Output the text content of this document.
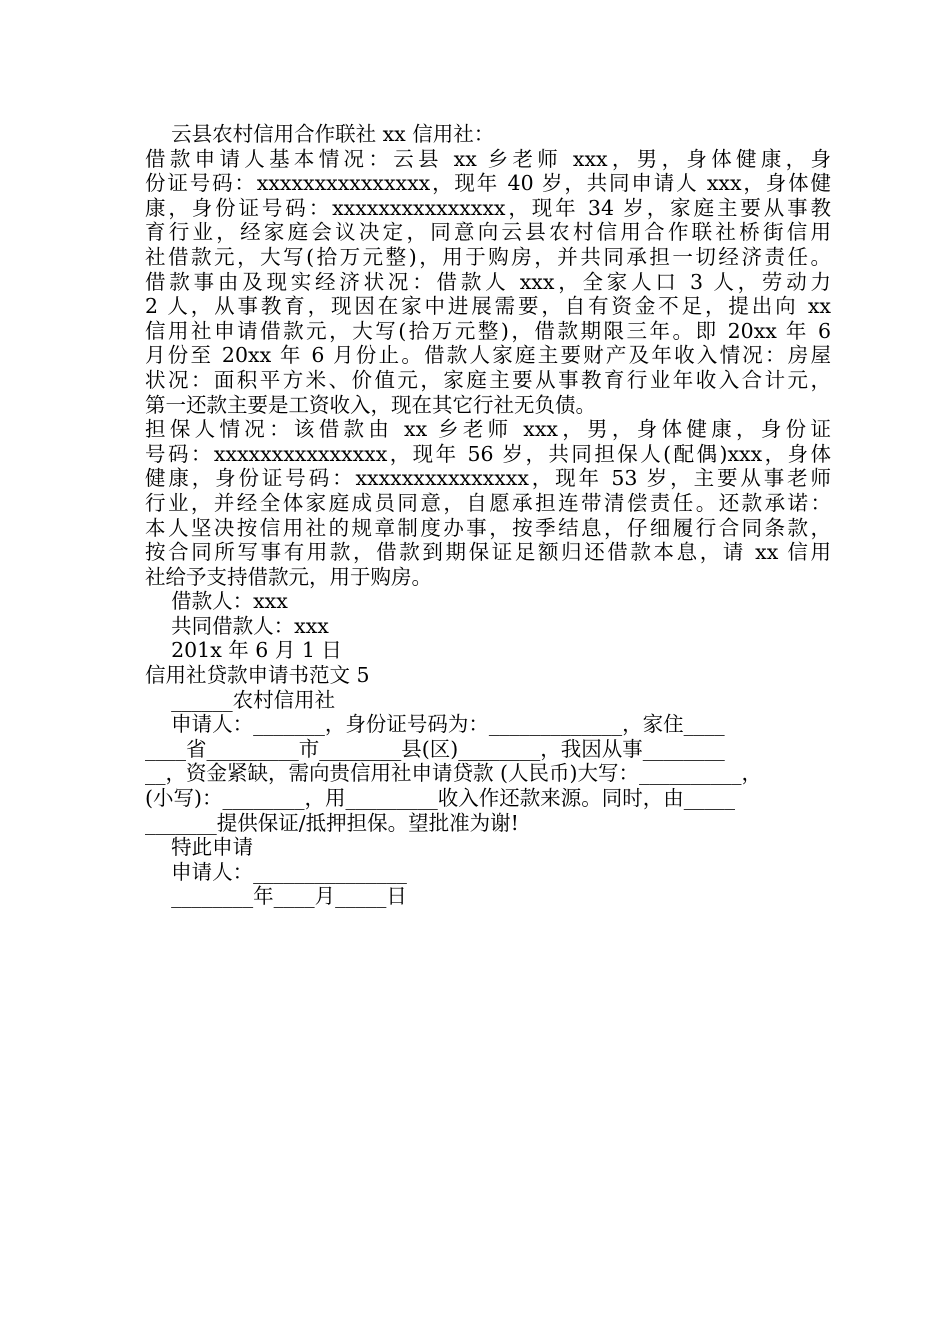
云县农村信用合作联社 xx 信用社：
借款申请人基本情况：云县 xx 乡老师 xxx，男，身体健康，身
份证号码：xxxxxxxxxxxxxxx，现年 40 岁，共同申请人 xxx，身体健
康，身份证号码：xxxxxxxxxxxxxxx，现年 34 岁，家庭主要从事教
育行业，经家庭会议决定，同意向云县农村信用合作联社桥街信用
社借款元，大写(拾万元整)，用于购房，并共同承担一切经济责任。
借款事由及现实经济状况：借款人 xxx，全家人口 3 人，劳动力
2 人，从事教育，现因在家中进展需要，自有资金不足，提出向 xx
信用社申请借款元，大写(拾万元整)，借款期限三年。即 20xx 年 6
月份至 20xx 年 6 月份止。借款人家庭主要财产及年收入情况：房屋
状况：面积平方米、价值元，家庭主要从事教育行业年收入合计元，
第一还款主要是工资收入，现在其它行社无负债。
担保人情况：该借款由 xx 乡老师 xxx，男，身体健康，身份证
号码：xxxxxxxxxxxxxxx，现年 56 岁，共同担保人(配偶)xxx，身体
健康，身份证号码：xxxxxxxxxxxxxxx，现年 53 岁，主要从事老师
行业，并经全体家庭成员同意，自愿承担连带清偿责任。还款承诺：
本人坚决按信用社的规章制度办事，按季结息，仔细履行合同条款，
按合同所写事有用款，借款到期保证足额归还借款本息，请 xx 信用
社给予支持借款元，用于购房。
借款人：xxx
共同借款人：xxx
201x 年 6 月 1 日
信用社贷款申请书范文 5
______农村信用社
申请人：_______，身份证号码为：_____________，家住____
____省_________市________县(区)________，我因从事________
__，资金紧缺，需向贵信用社申请贷款 (人民币)大写：__________，
(小写)：________，用_________收入作还款来源。同时，由_____
_______提供保证/抵押担保。望批准为谢!
特此申请
申请人：_______________
________年____月_____日
